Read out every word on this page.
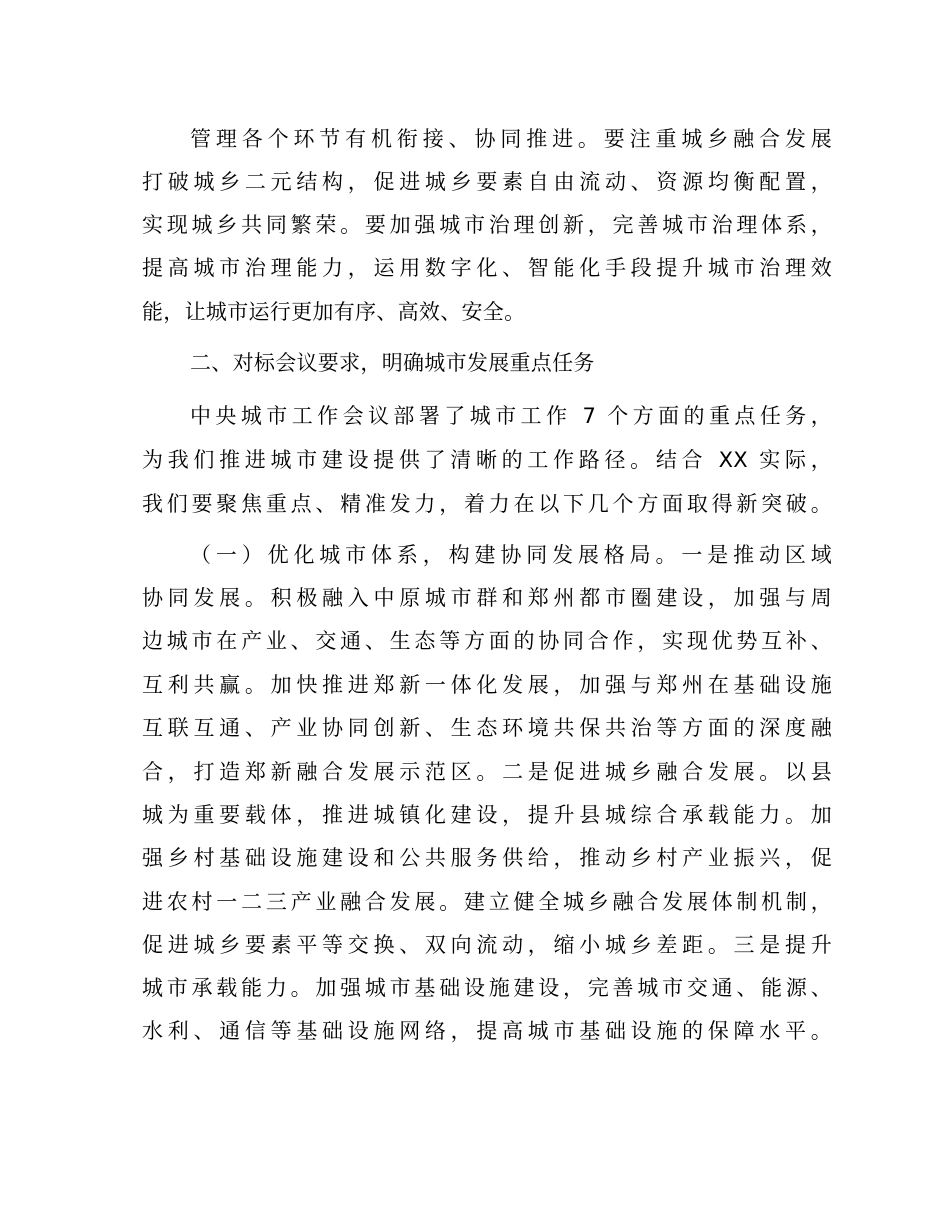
管理各个环节有机衔接、协同推进。要注重城乡融合发展
打破城乡二元结构，促进城乡要素自由流动、资源均衡配置，
实现城乡共同繁荣。要加强城市治理创新，完善城市治理体系，
提高城市治理能力，运用数字化、智能化手段提升城市治理效
能，让城市运行更加有序、高效、安全。
二、对标会议要求，明确城市发展重点任务
中央城市工作会议部署了城市工作 7 个方面的重点任务，
为我们推进城市建设提供了清晰的工作路径。结合 XX 实际，
我们要聚焦重点、精准发力，着力在以下几个方面取得新突破。
（一）优化城市体系，构建协同发展格局。一是推动区域
协同发展。积极融入中原城市群和郑州都市圈建设，加强与周
边城市在产业、交通、生态等方面的协同合作，实现优势互补、
互利共赢。加快推进郑新一体化发展，加强与郑州在基础设施
互联互通、产业协同创新、生态环境共保共治等方面的深度融
合，打造郑新融合发展示范区。二是促进城乡融合发展。以县
城为重要载体，推进城镇化建设，提升县城综合承载能力。加
强乡村基础设施建设和公共服务供给，推动乡村产业振兴，促
进农村一二三产业融合发展。建立健全城乡融合发展体制机制，
促进城乡要素平等交换、双向流动，缩小城乡差距。三是提升
城市承载能力。加强城市基础设施建设，完善城市交通、能源、
水利、通信等基础设施网络，提高城市基础设施的保障水平。
